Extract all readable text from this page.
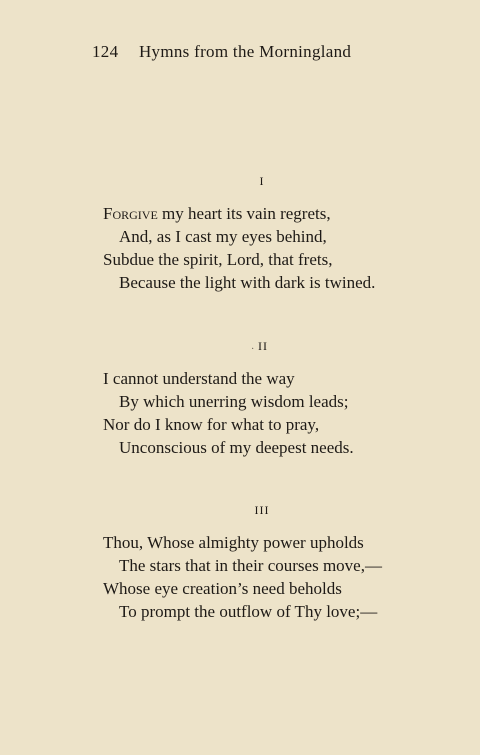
124 Hymns from the Morningland
I
Forgive my heart its vain regrets,
And, as I cast my eyes behind,
Subdue the spirit, Lord, that frets,
Because the light with dark is twined.
· II
I cannot understand the way
By which unerring wisdom leads;
Nor do I know for what to pray,
Unconscious of my deepest needs.
III
Thou, Whose almighty power upholds
The stars that in their courses move,—
Whose eye creation’s need beholds
To prompt the outflow of Thy love;—
